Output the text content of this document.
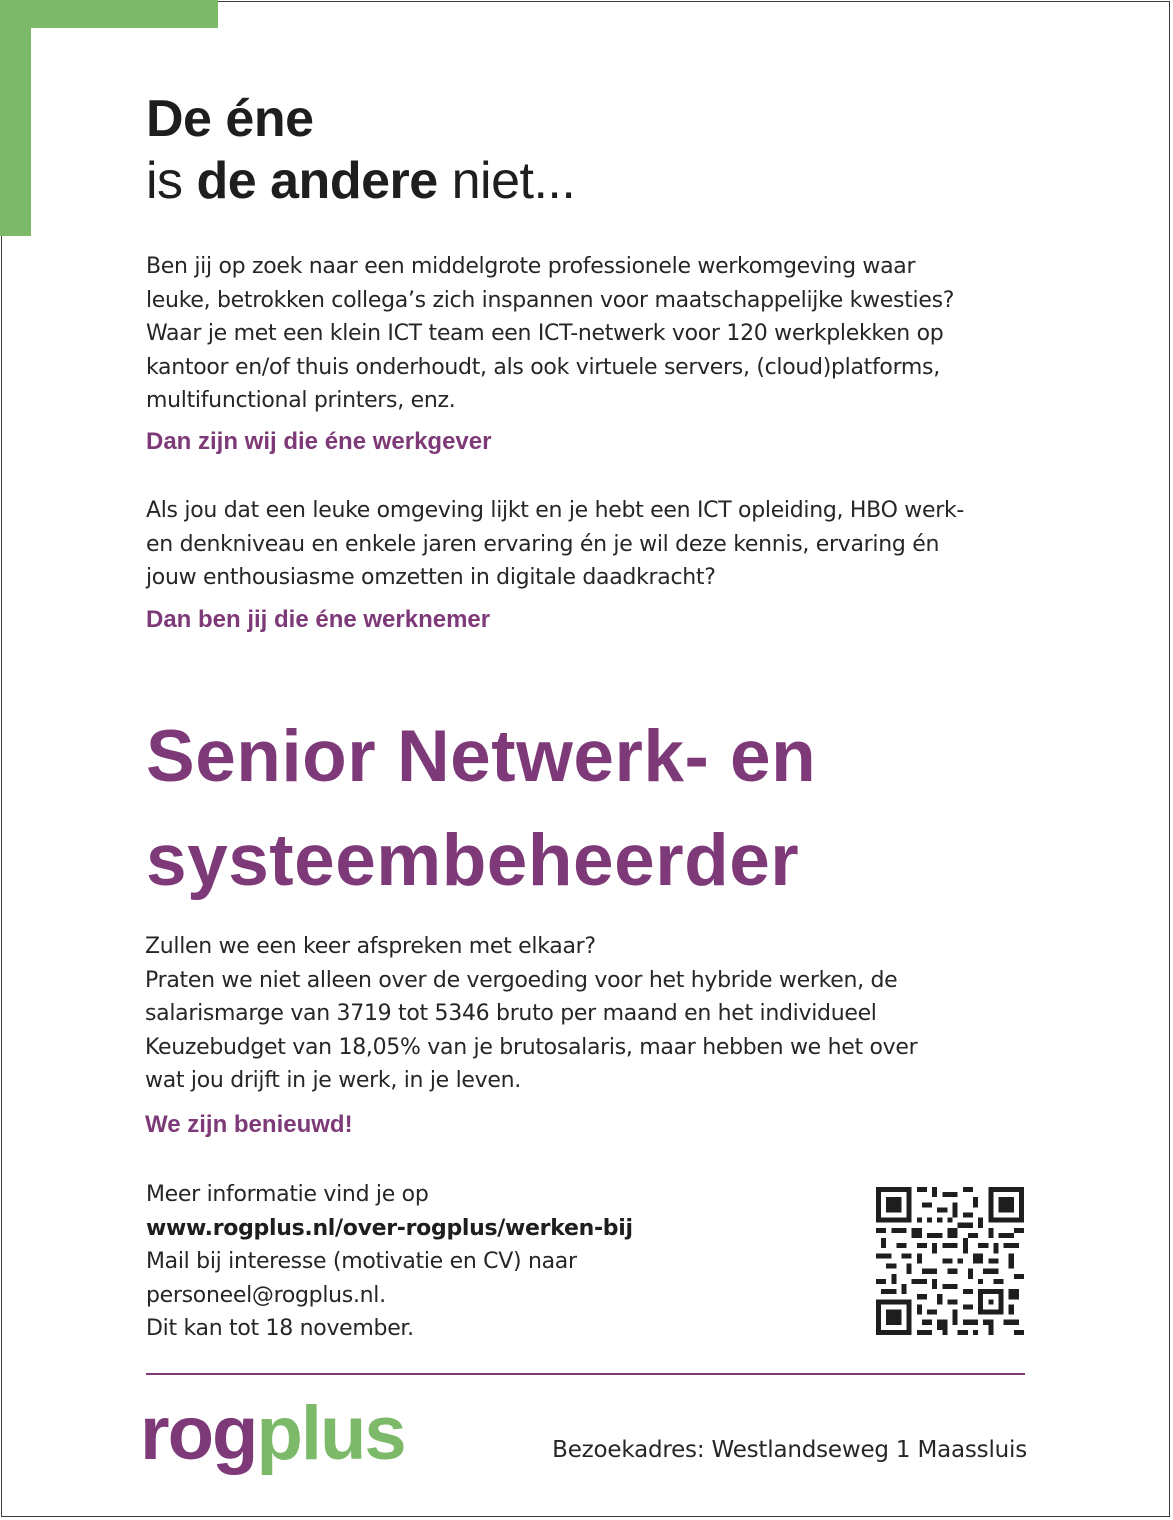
De éne
is de andere niet...
Ben jij op zoek naar een middelgrote professionele werkomgeving waar
leuke, betrokken collega’s zich inspannen voor maatschappelijke kwesties?
Waar je met een klein ICT team een ICT-netwerk voor 120 werkplekken op
kantoor en/of thuis onderhoudt, als ook virtuele servers, (cloud)platforms,
multifunctional printers, enz.
Dan zijn wij die éne werkgever
Als jou dat een leuke omgeving lijkt en je hebt een ICT opleiding, HBO werk-
en denkniveau en enkele jaren ervaring én je wil deze kennis, ervaring én
jouw enthousiasme omzetten in digitale daadkracht?
Dan ben jij die éne werknemer
Senior Netwerk- en
systeembeheerder
Zullen we een keer afspreken met elkaar?
Praten we niet alleen over de vergoeding voor het hybride werken, de
salarismarge van 3719 tot 5346 bruto per maand en het individueel
Keuzebudget van 18,05% van je brutosalaris, maar hebben we het over
wat jou drijft in je werk, in je leven.
We zijn benieuwd!
Meer informatie vind je op
www.rogplus.nl/over-rogplus/werken-bij
Mail bij interesse (motivatie en CV) naar
personeel@rogplus.nl.
Dit kan tot 18 november.
rogplus	Bezoekadres: Westlandseweg 1 Maassluis
